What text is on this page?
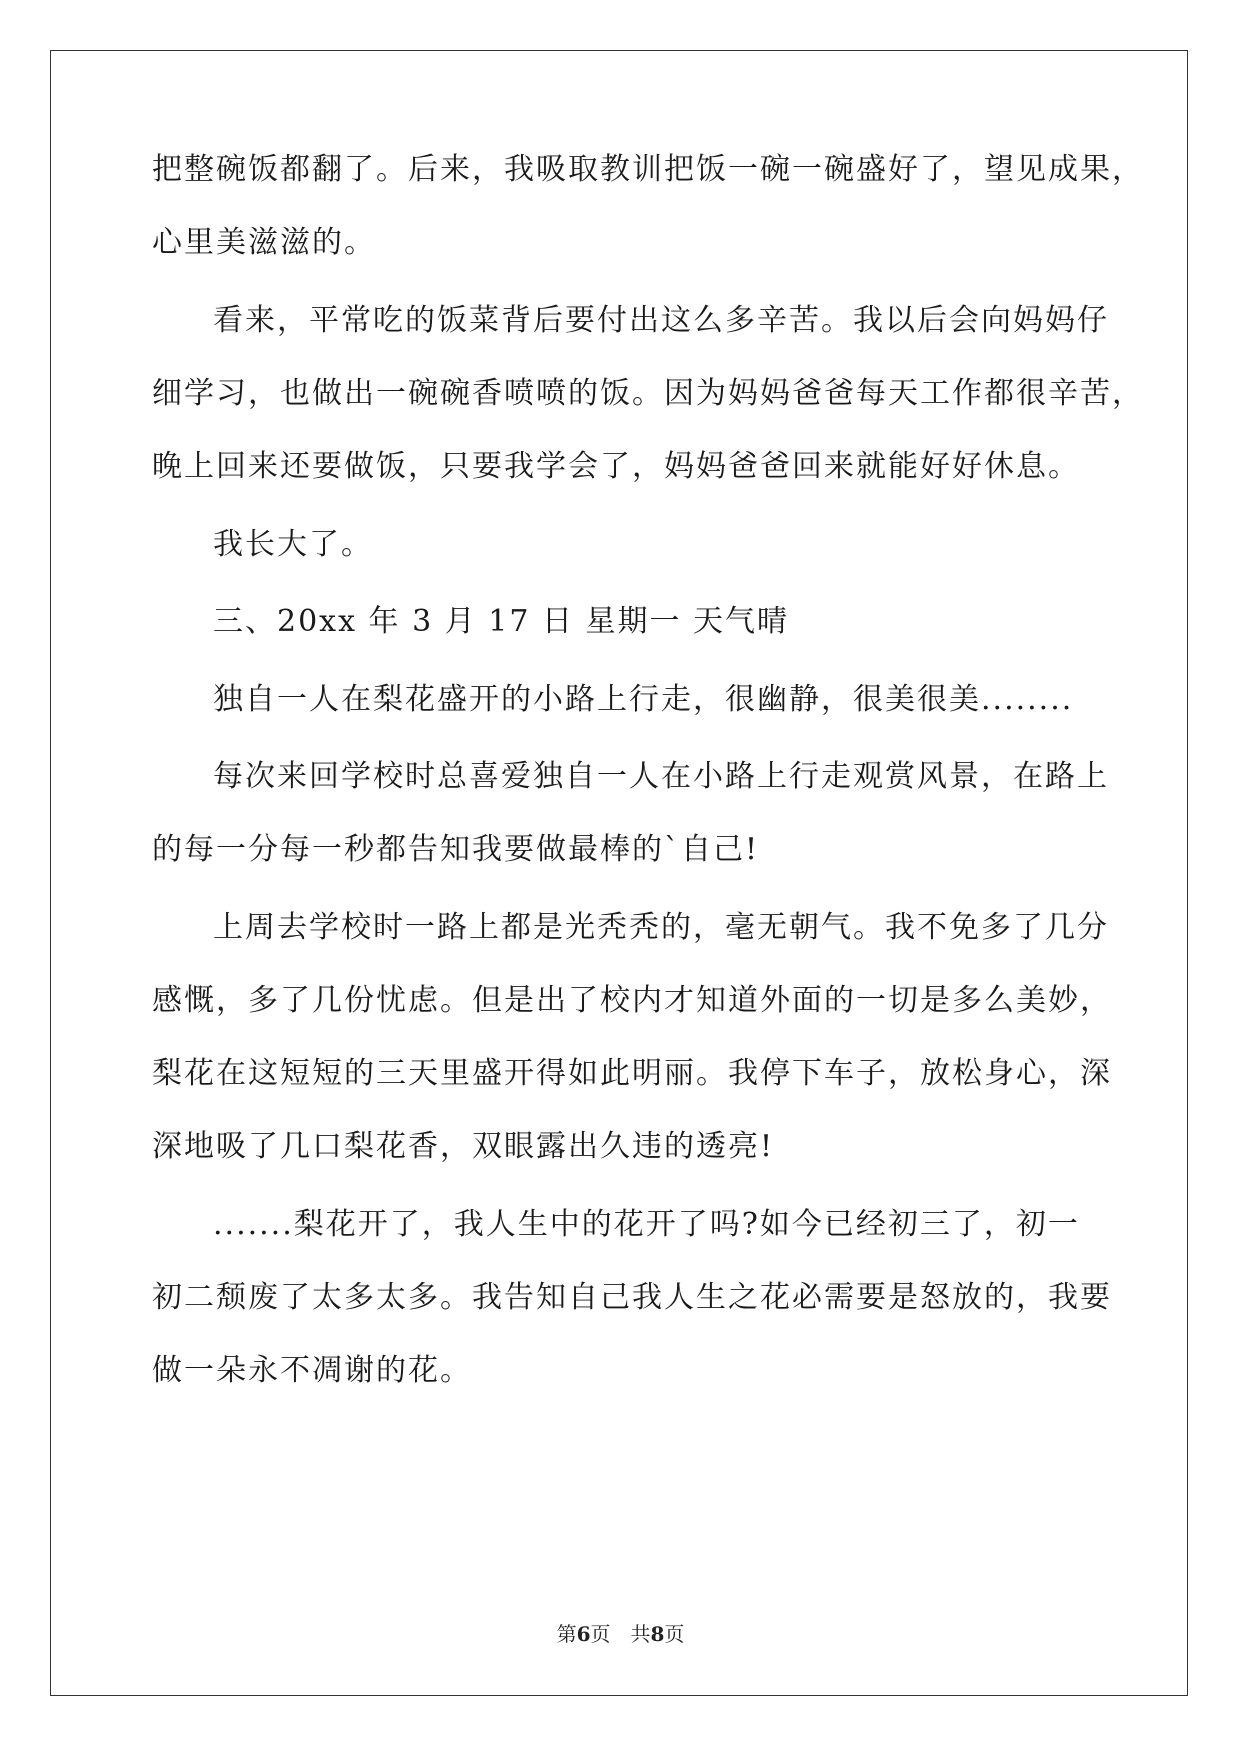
把整碗饭都翻了。后来，我吸取教训把饭一碗一碗盛好了，望见成果，
心里美滋滋的。
看来，平常吃的饭菜背后要付出这么多辛苦。我以后会向妈妈仔
细学习，也做出一碗碗香喷喷的饭。因为妈妈爸爸每天工作都很辛苦，
晚上回来还要做饭，只要我学会了，妈妈爸爸回来就能好好休息。
我长大了。
三、20xx 年 3 月 17 日 星期一 天气晴
独自一人在梨花盛开的小路上行走，很幽静，很美很美........
每次来回学校时总喜爱独自一人在小路上行走观赏风景，在路上
的每一分每一秒都告知我要做最棒的`自己!
上周去学校时一路上都是光秃秃的，毫无朝气。我不免多了几分
感慨，多了几份忧虑。但是出了校内才知道外面的一切是多么美妙，
梨花在这短短的三天里盛开得如此明丽。我停下车子，放松身心，深
深地吸了几口梨花香，双眼露出久违的透亮!
.......梨花开了，我人生中的花开了吗?如今已经初三了，初一
初二颓废了太多太多。我告知自己我人生之花必需要是怒放的，我要
做一朵永不凋谢的花。
第6页　共8页
